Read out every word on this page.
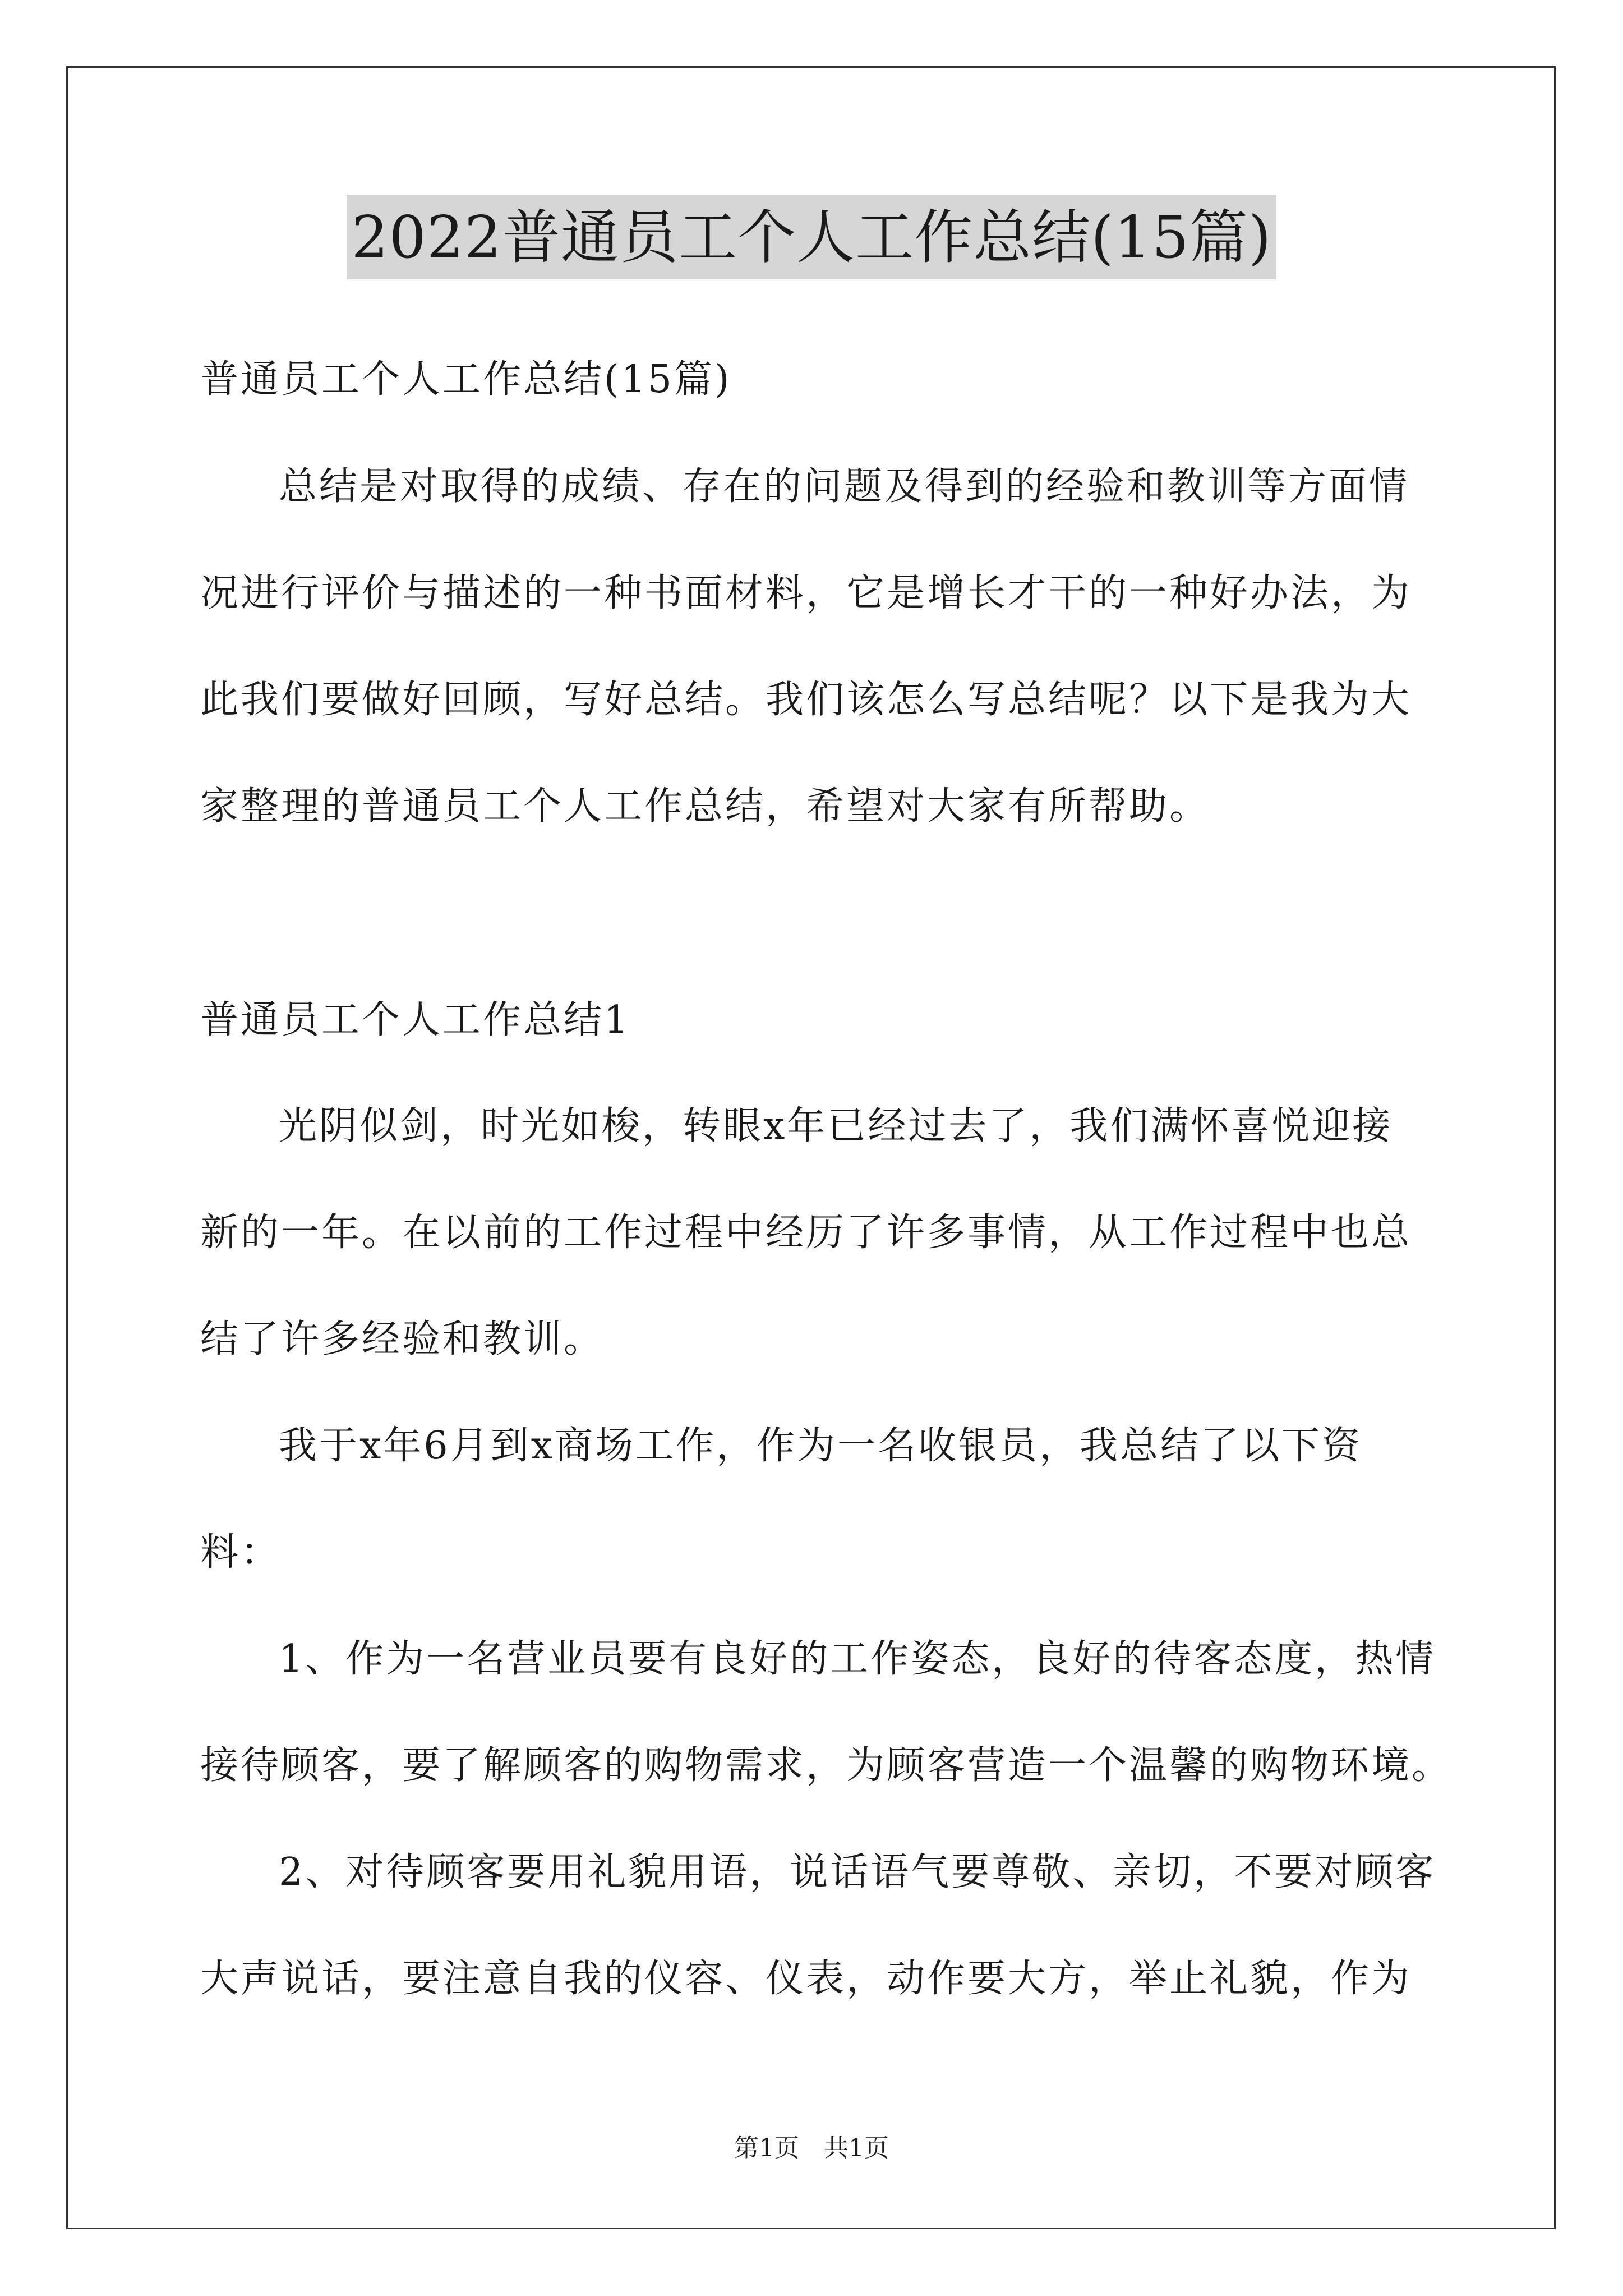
2022普通员工个人工作总结(15篇)
普通员工个人工作总结(15篇)
总结是对取得的成绩、存在的问题及得到的经验和教训等方面情
况进行评价与描述的一种书面材料，它是增长才干的一种好办法，为
此我们要做好回顾，写好总结。我们该怎么写总结呢？以下是我为大
家整理的普通员工个人工作总结，希望对大家有所帮助。
普通员工个人工作总结1
光阴似剑，时光如梭，转眼x年已经过去了，我们满怀喜悦迎接
新的一年。在以前的工作过程中经历了许多事情，从工作过程中也总
结了许多经验和教训。
我于x年6月到x商场工作，作为一名收银员，我总结了以下资
料：
1、作为一名营业员要有良好的工作姿态，良好的待客态度，热情
接待顾客，要了解顾客的购物需求，为顾客营造一个温馨的购物环境。
2、对待顾客要用礼貌用语，说话语气要尊敬、亲切，不要对顾客
大声说话，要注意自我的仪容、仪表，动作要大方，举止礼貌，作为
第1页　共1页
